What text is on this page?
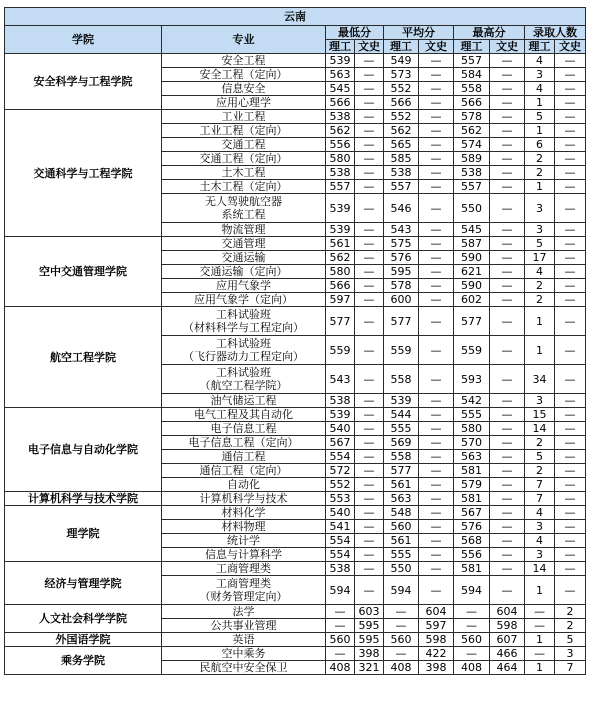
云南									
学院	专业	最低分		平均分		最高分		录取人数	
		理工	文史	理工	文史	理工	文史	理工	文史
安全科学与工程学院	安全工程	539	—	549	—	557	—	4	—
	安全工程（定向）	563	—	573	—	584	—	3	—
	信息安全	545	—	552	—	558	—	4	—
	应用心理学	566	—	566	—	566	—	1	—
交通科学与工程学院	工业工程	538	—	552	—	578	—	5	—
	工业工程（定向）	562	—	562	—	562	—	1	—
	交通工程	556	—	565	—	574	—	6	—
	交通工程（定向）	580	—	585	—	589	—	2	—
	土木工程	538	—	538	—	538	—	2	—
	土木工程（定向）	557	—	557	—	557	—	1	—
	无人驾驶航空器
系统工程	539	—	546	—	550	—	3	—
	物流管理	539	—	543	—	545	—	3	—
空中交通管理学院	交通管理	561	—	575	—	587	—	5	—
	交通运输	562	—	576	—	590	—	17	—
	交通运输（定向）	580	—	595	—	621	—	4	—
	应用气象学	566	—	578	—	590	—	2	—
	应用气象学（定向）	597	—	600	—	602	—	2	—
航空工程学院	工科试验班
（材料科学与工程定向）	577	—	577	—	577	—	1	—
	工科试验班
（飞行器动力工程定向）	559	—	559	—	559	—	1	—
	工科试验班
（航空工程学院）	543	—	558	—	593	—	34	—
	油气储运工程	538	—	539	—	542	—	3	—
电子信息与自动化学院	电气工程及其自动化	539	—	544	—	555	—	15	—
	电子信息工程	540	—	555	—	580	—	14	—
	电子信息工程（定向）	567	—	569	—	570	—	2	—
	通信工程	554	—	558	—	563	—	5	—
	通信工程（定向）	572	—	577	—	581	—	2	—
	自动化	552	—	561	—	579	—	7	—
计算机科学与技术学院	计算机科学与技术	553	—	563	—	581	—	7	—
理学院	材料化学	540	—	548	—	567	—	4	—
	材料物理	541	—	560	—	576	—	3	—
	统计学	554	—	561	—	568	—	4	—
	信息与计算科学	554	—	555	—	556	—	3	—
经济与管理学院	工商管理类	538	—	550	—	581	—	14	—
	工商管理类
（财务管理定向）	594	—	594	—	594	—	1	—
人文社会科学学院	法学	—	603	—	604	—	604	—	2
	公共事业管理	—	595	—	597	—	598	—	2
外国语学院	英语	560	595	560	598	560	607	1	5
乘务学院	空中乘务	—	398	—	422	—	466	—	3
	民航空中安全保卫	408	321	408	398	408	464	1	7
